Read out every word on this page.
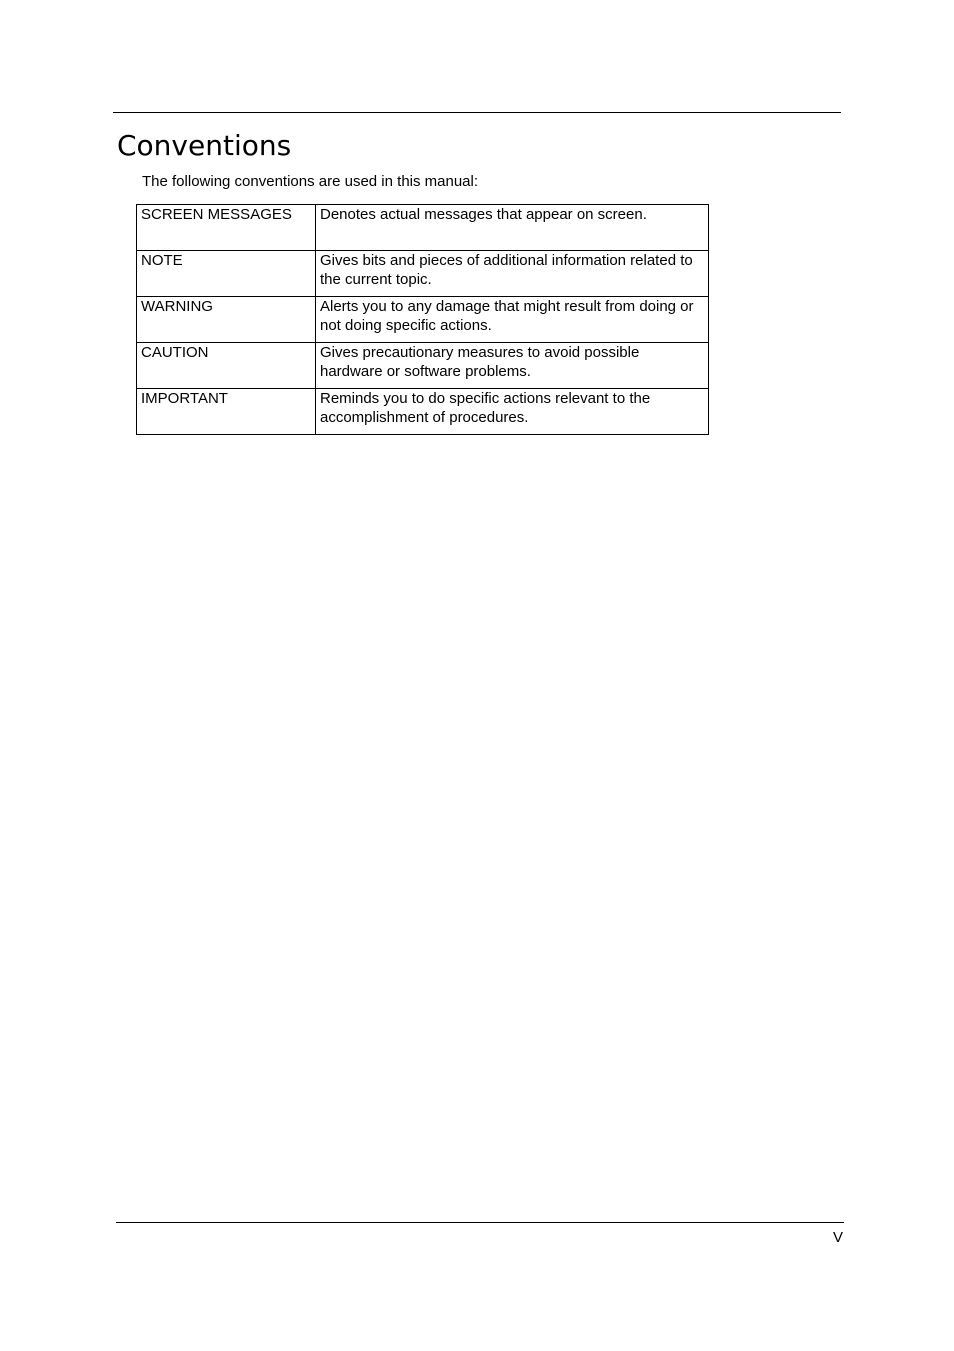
Conventions

The following conventions are used in this manual:

SCREEN MESSAGES	Denotes actual messages that appear on screen.
NOTE	Gives bits and pieces of additional information related to the current topic.
WARNING	Alerts you to any damage that might result from doing or not doing specific actions.
CAUTION	Gives precautionary measures to avoid possible hardware or software problems.
IMPORTANT	Reminds you to do specific actions relevant to the accomplishment of procedures.
V
